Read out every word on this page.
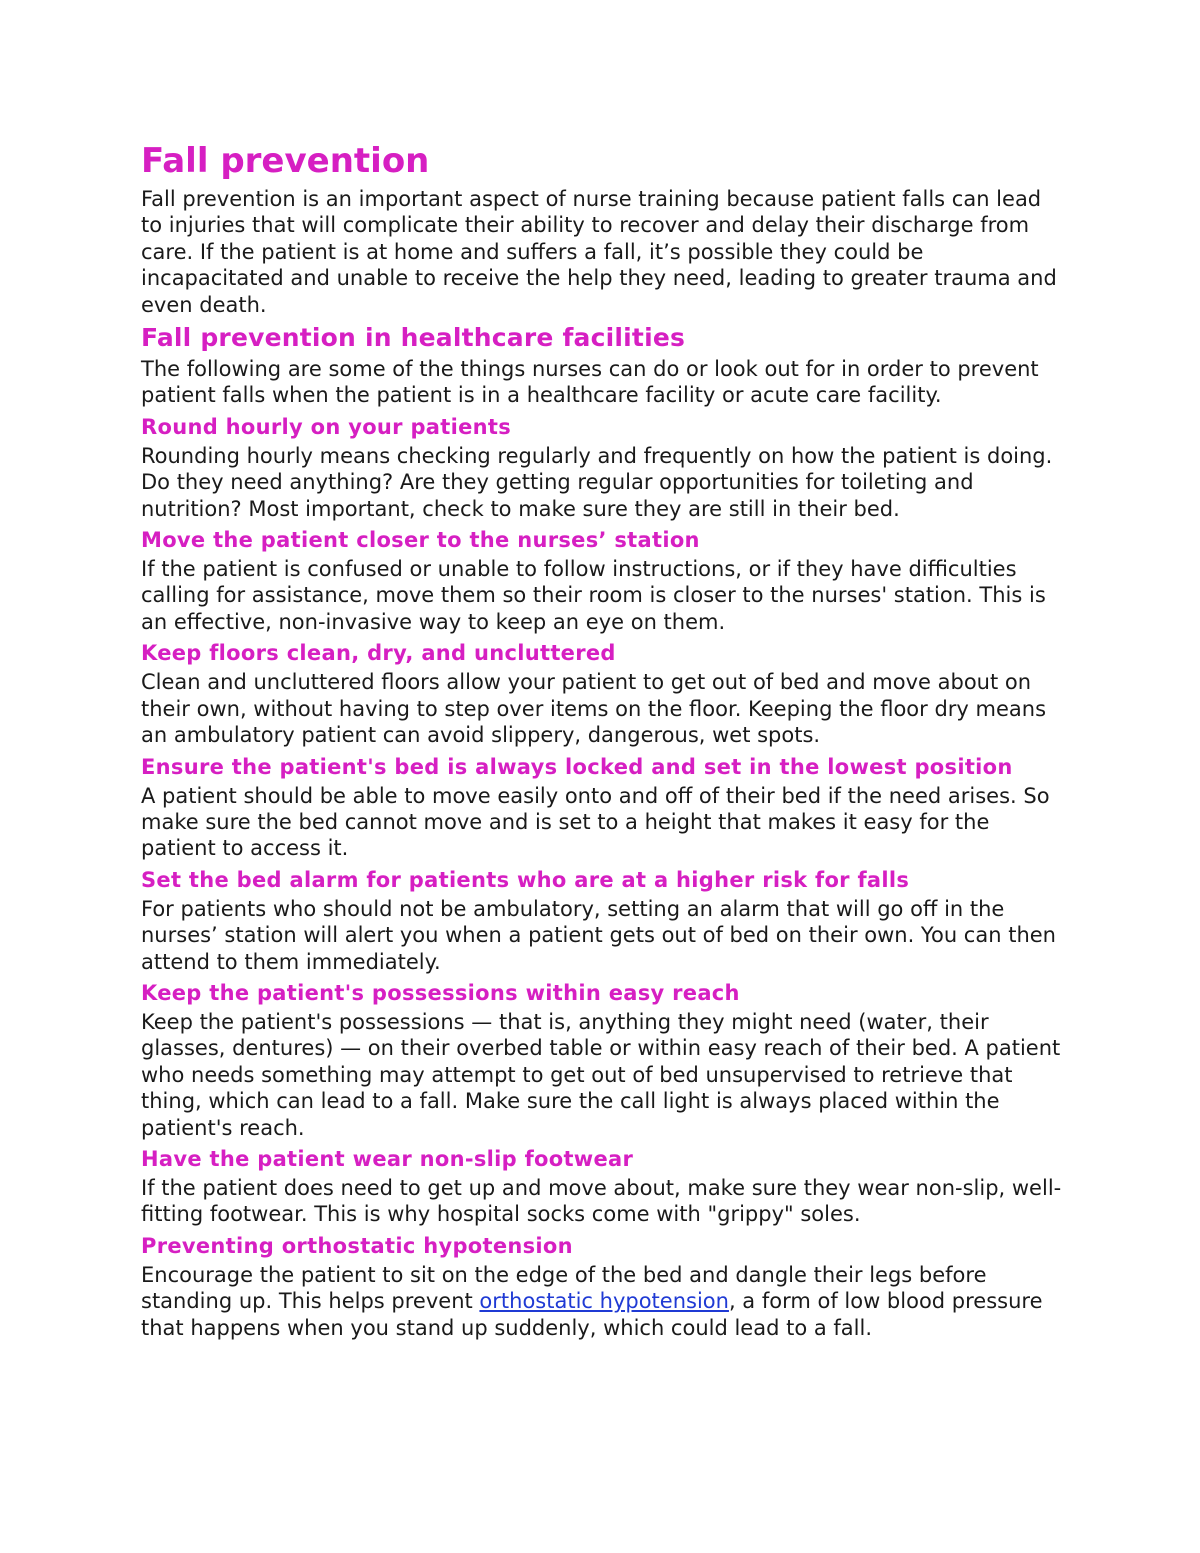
Fall prevention

Fall prevention is an important aspect of nurse training because patient falls can lead to injuries that will complicate their ability to recover and delay their discharge from care. If the patient is at home and suffers a fall, it’s possible they could be incapacitated and unable to receive the help they need, leading to greater trauma and even death.

Fall prevention in healthcare facilities

The following are some of the things nurses can do or look out for in order to prevent patient falls when the patient is in a healthcare facility or acute care facility.

Round hourly on your patients

Rounding hourly means checking regularly and frequently on how the patient is doing. Do they need anything? Are they getting regular opportunities for toileting and nutrition? Most important, check to make sure they are still in their bed.

Move the patient closer to the nurses’ station

If the patient is confused or unable to follow instructions, or if they have difficulties calling for assistance, move them so their room is closer to the nurses' station. This is an effective, non-invasive way to keep an eye on them.

Keep floors clean, dry, and uncluttered

Clean and uncluttered floors allow your patient to get out of bed and move about on their own, without having to step over items on the floor. Keeping the floor dry means an ambulatory patient can avoid slippery, dangerous, wet spots.

Ensure the patient's bed is always locked and set in the lowest position

A patient should be able to move easily onto and off of their bed if the need arises. So make sure the bed cannot move and is set to a height that makes it easy for the patient to access it.

Set the bed alarm for patients who are at a higher risk for falls

For patients who should not be ambulatory, setting an alarm that will go off in the nurses’ station will alert you when a patient gets out of bed on their own. You can then attend to them immediately.

Keep the patient's possessions within easy reach

Keep the patient's possessions — that is, anything they might need (water, their glasses, dentures) — on their overbed table or within easy reach of their bed. A patient who needs something may attempt to get out of bed unsupervised to retrieve that thing, which can lead to a fall. Make sure the call light is always placed within the patient's reach.

Have the patient wear non-slip footwear

If the patient does need to get up and move about, make sure they wear non-slip, well-fitting footwear. This is why hospital socks come with "grippy" soles.

Preventing orthostatic hypotension

Encourage the patient to sit on the edge of the bed and dangle their legs before standing up. This helps prevent orthostatic hypotension, a form of low blood pressure that happens when you stand up suddenly, which could lead to a fall.
